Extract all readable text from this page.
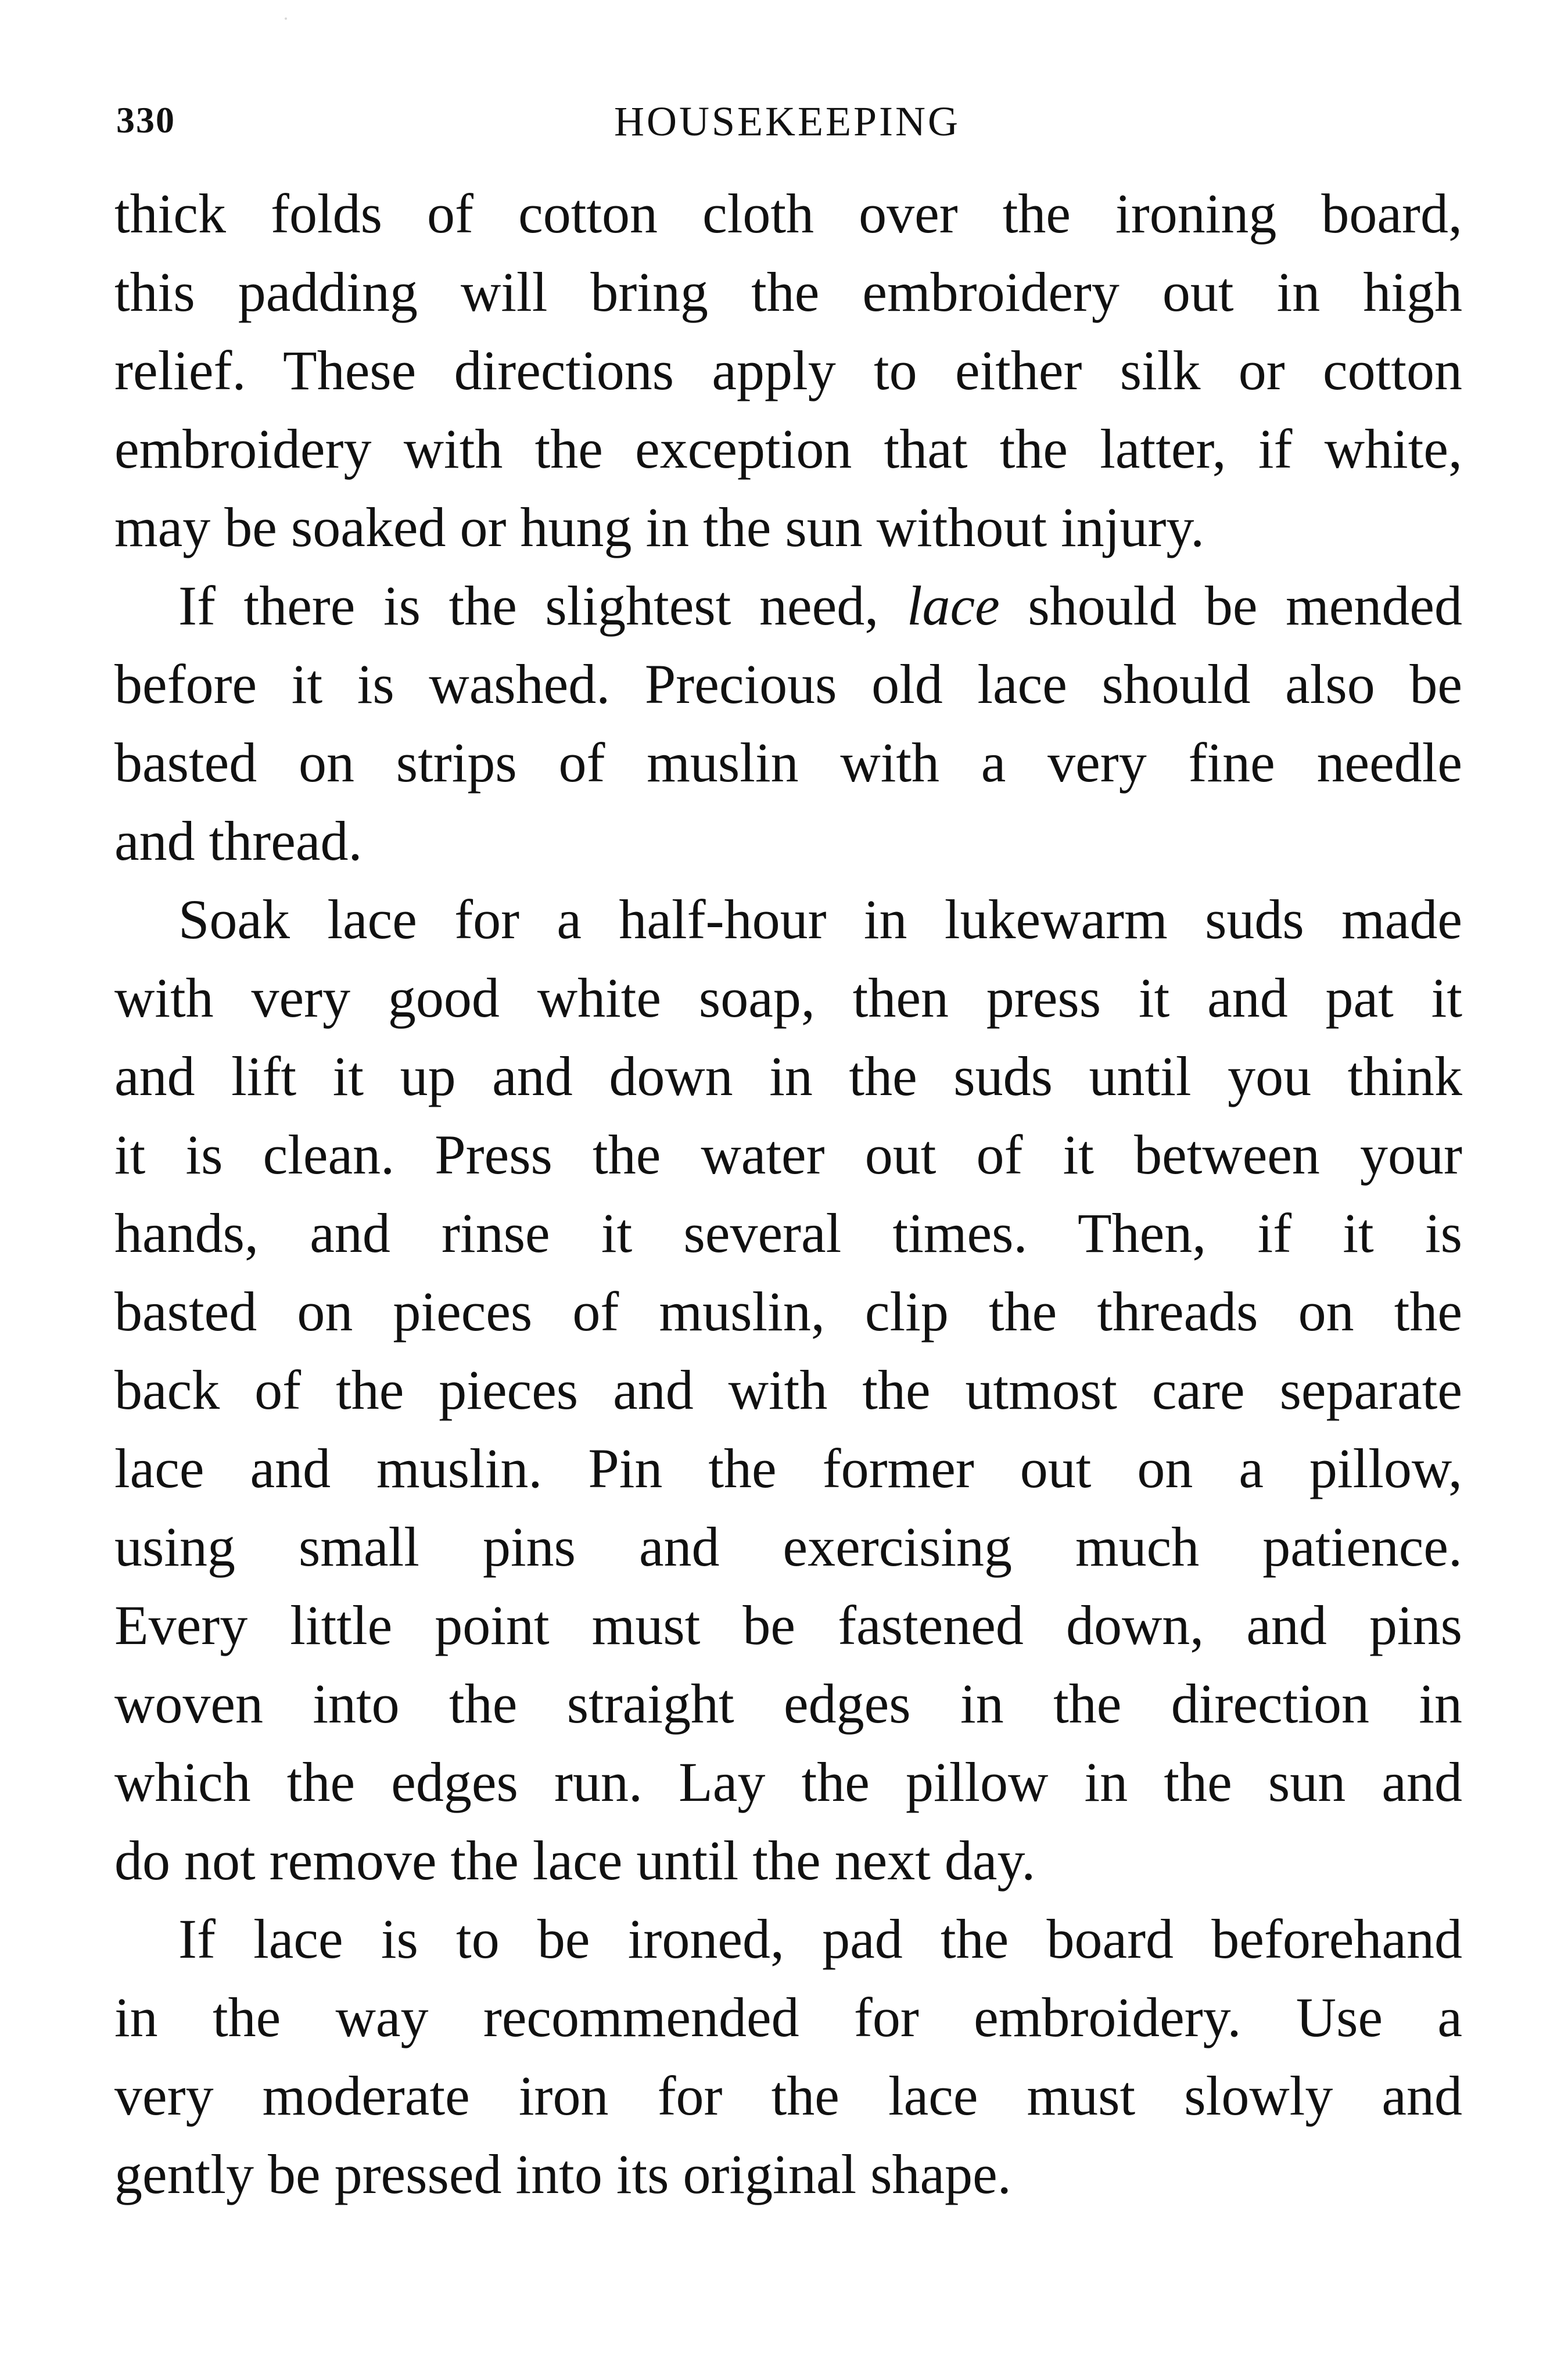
330	HOUSEKEEPING
thick folds of cotton cloth over the ironing board,
this padding will bring the embroidery out in high
relief. These directions apply to either silk or cotton
embroidery with the exception that the latter, if white,
may be soaked or hung in the sun without injury.
If there is the slightest need, lace should be mended
before it is washed. Precious old lace should also be
basted on strips of muslin with a very fine needle
and thread.
Soak lace for a half-hour in lukewarm suds made
with very good white soap, then press it and pat it
and lift it up and down in the suds until you think
it is clean. Press the water out of it between your
hands, and rinse it several times. Then, if it is
basted on pieces of muslin, clip the threads on the
back of the pieces and with the utmost care separate
lace and muslin. Pin the former out on a pillow,
using small pins and exercising much patience.
Every little point must be fastened down, and pins
woven into the straight edges in the direction in
which the edges run. Lay the pillow in the sun and
do not remove the lace until the next day.
If lace is to be ironed, pad the board beforehand
in the way recommended for embroidery. Use a
very moderate iron for the lace must slowly and
gently be pressed into its original shape.
